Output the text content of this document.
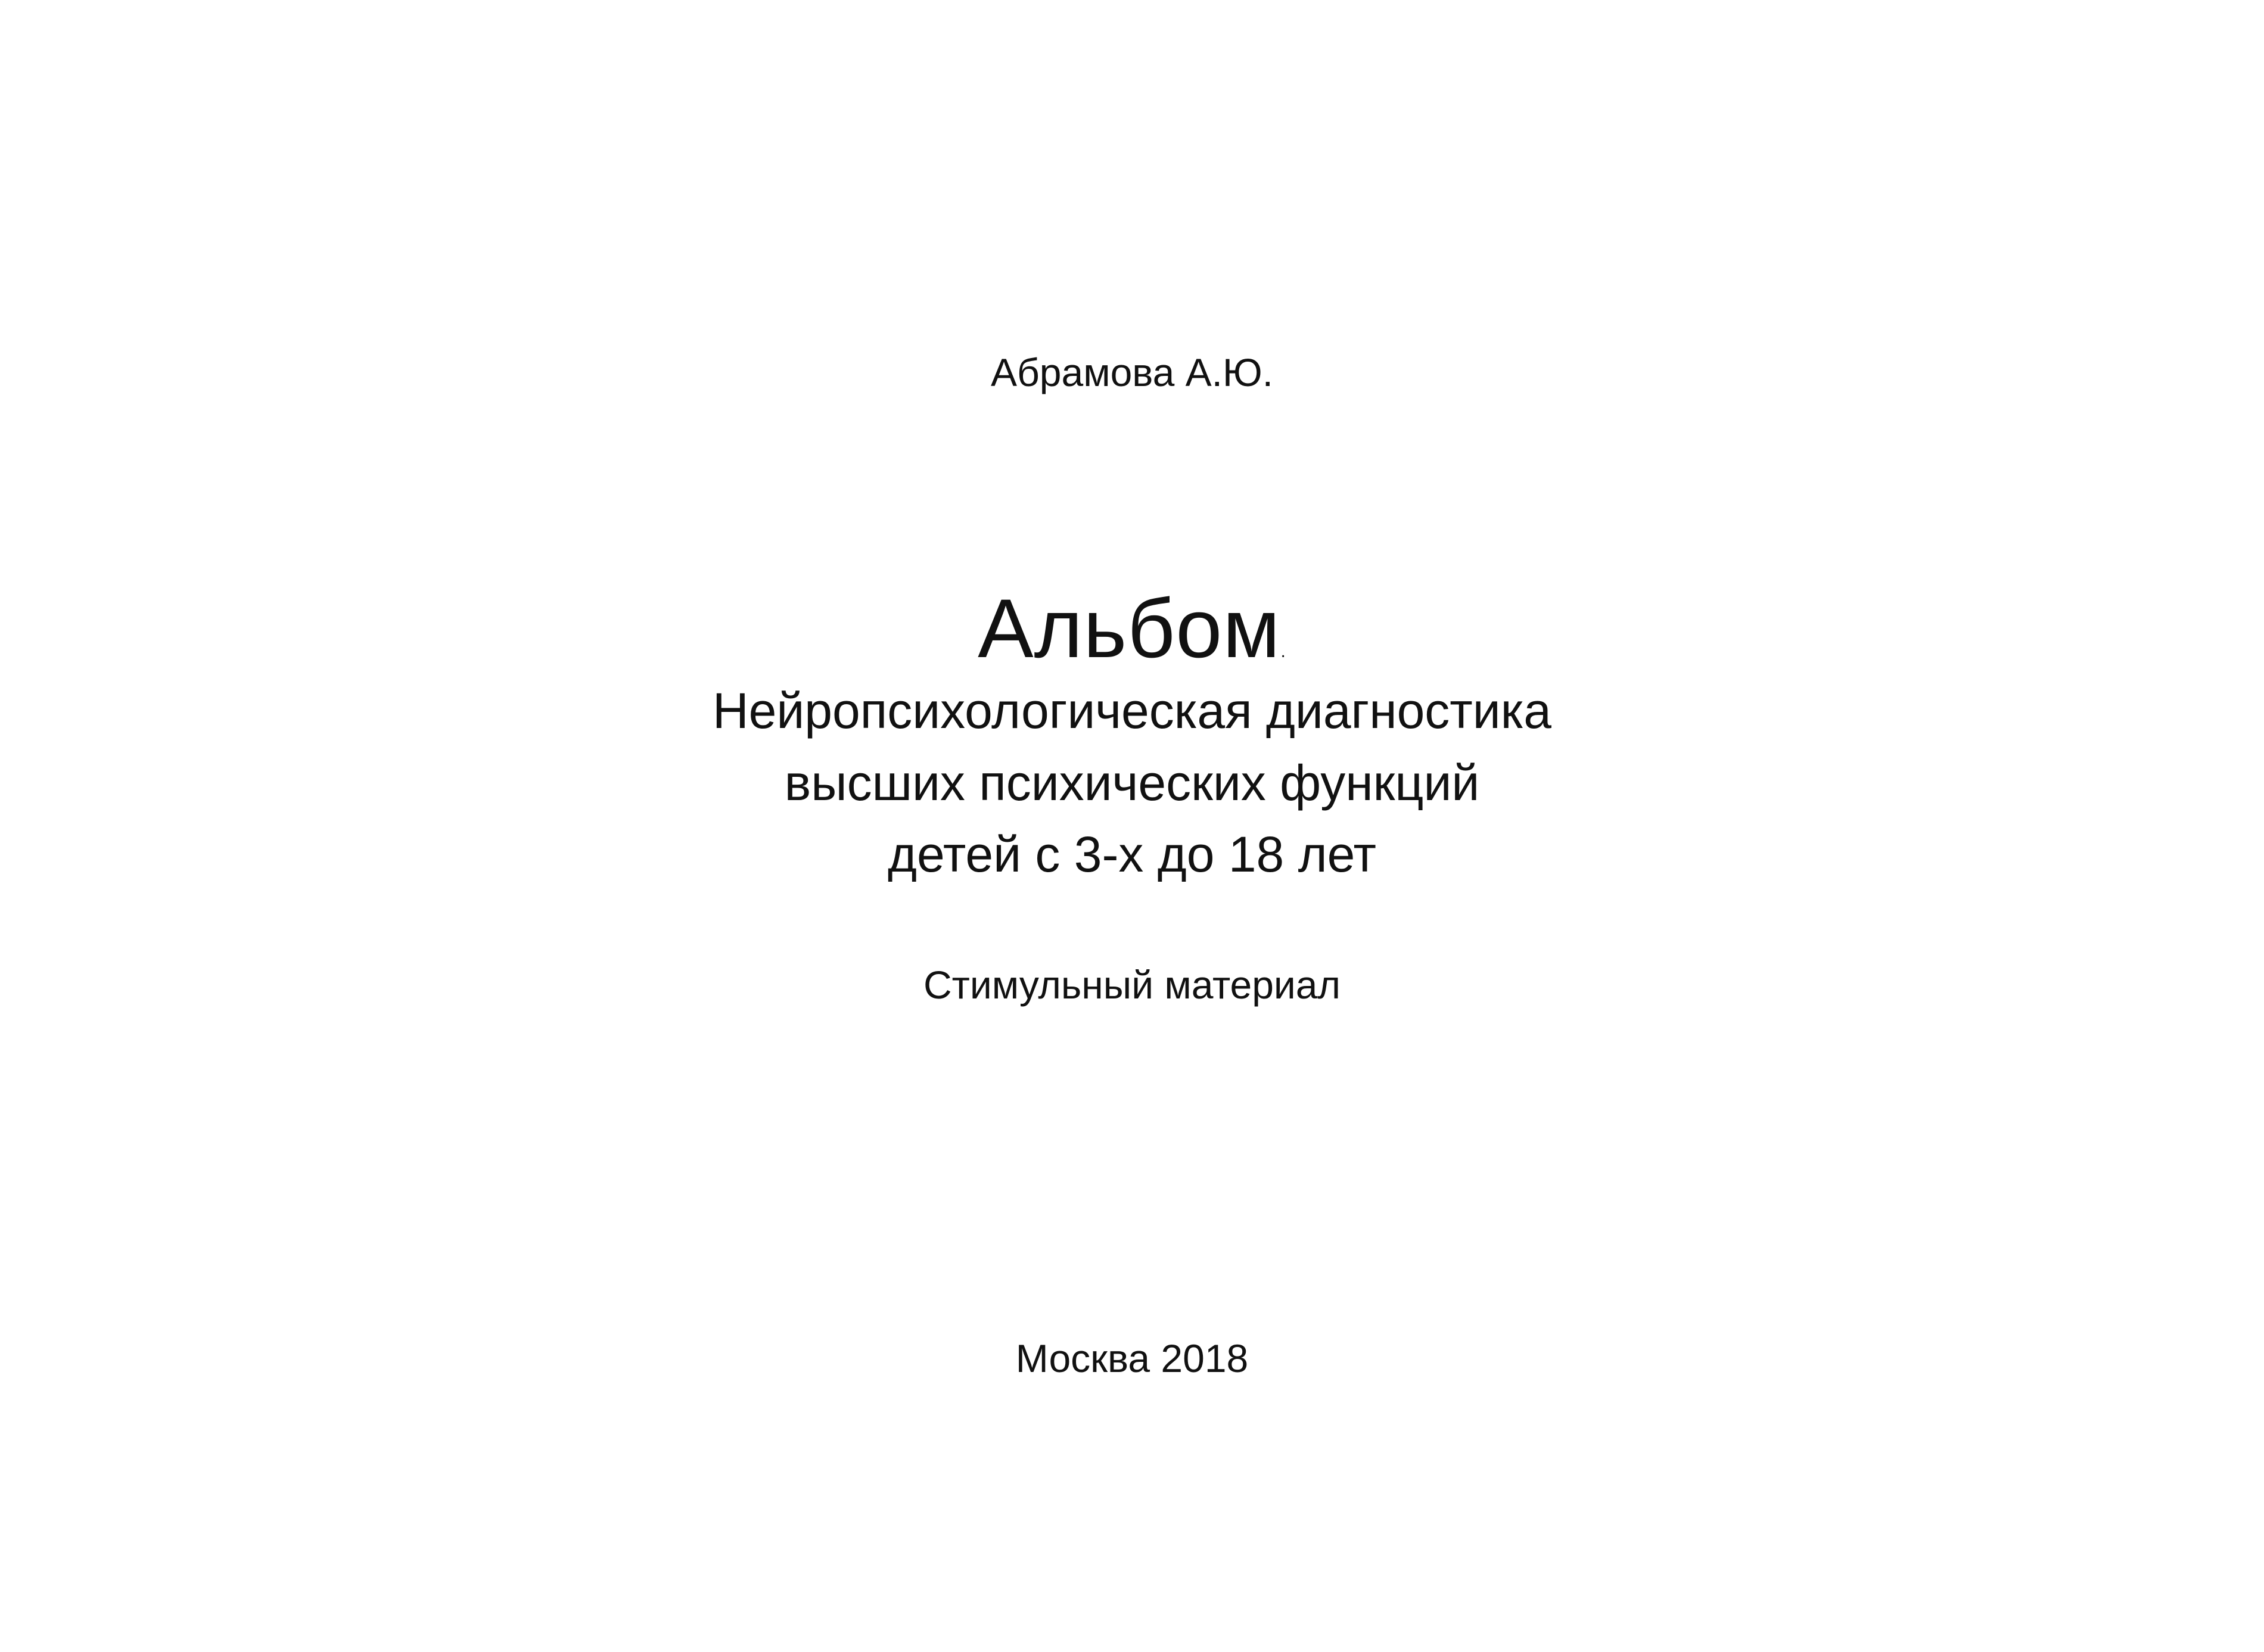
Абрамова А.Ю.
Альбом.
Нейропсихологическая диагностика
высших психических функций
детей с 3-х до 18 лет
Стимульный материал
Москва 2018
